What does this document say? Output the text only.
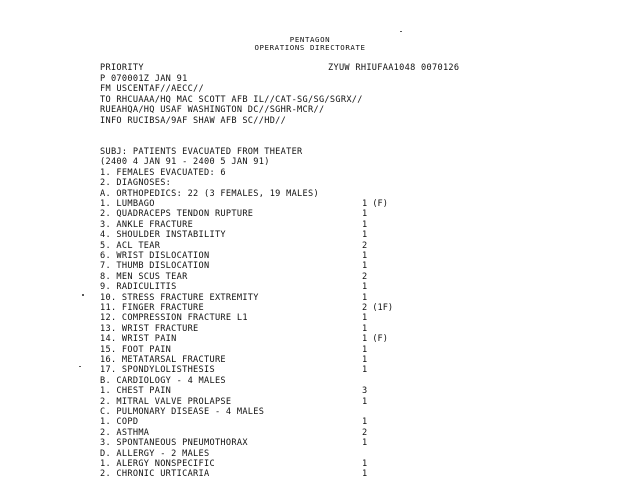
PENTAGON
OPERATIONS DIRECTORATE
PRIORITY	ZYUW RHIUFAA1048 0070126
P 070001Z JAN 91
FM USCENTAF//AECC//
TO RHCUAAA/HQ MAC SCOTT AFB IL//CAT-SG/SG/SGRX//
RUEAHQA/HQ USAF WASHINGTON DC//SGHR-MCR//
INFO RUCIBSA/9AF SHAW AFB SC//HD//
SUBJ: PATIENTS EVACUATED FROM THEATER
(2400 4 JAN 91 - 2400 5 JAN 91)
1. FEMALES EVACUATED: 6
2. DIAGNOSES:
A. ORTHOPEDICS: 22 (3 FEMALES, 19 MALES)
1. LUMBAGO	1 (F)
2. QUADRACEPS TENDON RUPTURE	1
3. ANKLE FRACTURE	1
4. SHOULDER INSTABILITY	1
5. ACL TEAR	2
6. WRIST DISLOCATION	1
7. THUMB DISLOCATION	1
8. MEN SCUS TEAR	2
9. RADICULITIS	1
10. STRESS FRACTURE EXTREMITY	1
11. FINGER FRACTURE	2 (1F)
12. COMPRESSION FRACTURE L1	1
13. WRIST FRACTURE	1
14. WRIST PAIN	1 (F)
15. FOOT PAIN	1
16. METATARSAL FRACTURE	1
17. SPONDYLOLISTHESIS	1
B. CARDIOLOGY - 4 MALES
1. CHEST PAIN	3
2. MITRAL VALVE PROLAPSE	1
C. PULMONARY DISEASE - 4 MALES
1. COPD	1
2. ASTHMA	2
3. SPONTANEOUS PNEUMOTHORAX	1
D. ALLERGY - 2 MALES
1. ALERGY NONSPECIFIC	1
2. CHRONIC URTICARIA	1
